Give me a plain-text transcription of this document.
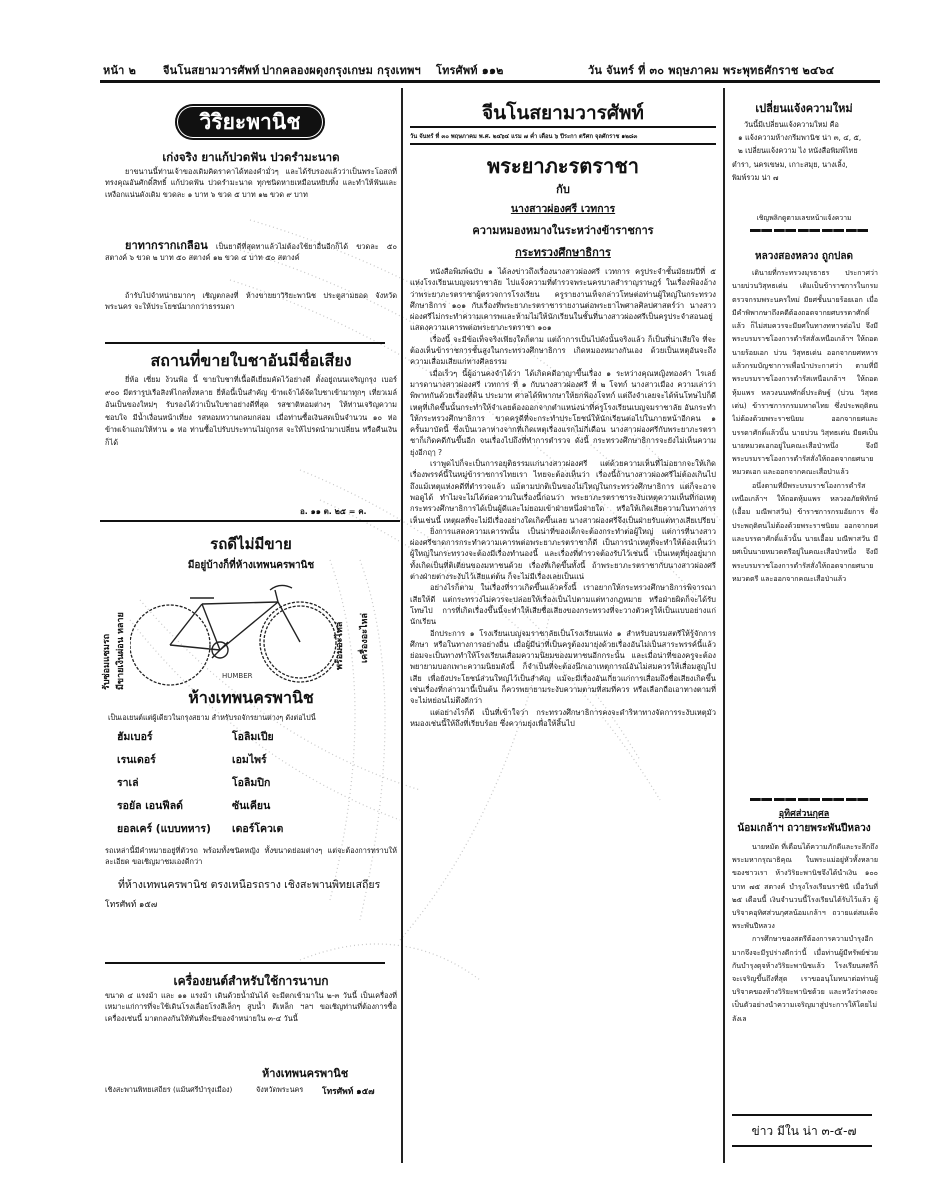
หน้า ๒ จีนโนสยามวารศัพท์ ปากคลองผดุงกรุงเกษม กรุงเทพฯ โทรศัพท์ ๑๑๒	วัน จันทร์ ที่ ๓๐ พฤษภาคม พระพุทธศักราช ๒๔๖๔
วิริยะพานิช
เก่งจริง ยาแก้ปวดฟัน ปวดรำมะนาด

ยาขนานนี้ท่านเจ้าของเดิมคิดราคาได้ทองคำมั่วๆ และได้รับรองแล้วว่าเป็นพระโอสถที่ทรงคุณอันศักดิ์สิทธิ์ แก้ปวดฟัน ปวดรำมะนาด ทุกชนิดหายเหมือนหยิบทิ้ง และทำให้ฟันและเหงือกแน่นดังเดิม ขวดละ ๑ บาท ๖ ขวด ๕ บาท ๑๒ ขวด ๙ บาท

ยาทากรากเกลื้อน เป็นยาดีที่สุดทาแล้วไม่ต้องใช้ยาอื่นอีกก็ได้ ขวดละ ๕๐ สตางค์ ๖ ขวด ๒ บาท ๕๐ สตางค์ ๑๒ ขวด ๔ บาท ๕๐ สตางค์

ถ้ารับไปจำหน่ายมากๆ เชิญตกลงที่ ห้างขายยาวิริยะพานิช ประตูสามยอด จังหวัดพระนคร จะให้ประโยชน์มากกว่าธรรมดา

สถานที่ขายใบชาอันมีชื่อเสียง

ยี่ห้อ เซี่ยม ง้วนฟ้อ นี้ ขายใบชาที่เนื้อดีเยี่ยมคัดไว้อย่างดี ตั้งอยู่ถนนเจริญกรุง เบอร์ ๙๐๐ มีตรารูปเรือสิงห์ไกลทั้งหลาย ยี่ห้อนี้เป็นสำคัญ ข้าพเจ้าได้จัดใบชาเข้ามาทุกๆ เที่ยวเมล์ อันเป็นของใหม่ๆ รับรองได้ว่าเป็นใบชาอย่างดีที่สุด รสชาติหอมต่างๆ ให้ท่านเจริญความชอบใจ มีน้ำเงื่อนหน้าเที่ยง รสหอมหวานกลมกล่อม เมื่อท่านซื้อเงินสดเป็นจำนวน ๑๐ ห่อ ข้าพเจ้าแถมให้ท่าน ๑ ห่อ ท่านซื้อไปรับประทานไม่ถูกรส จะให้ไปรดนำมาเปลี่ยน หรือคืนเงินก็ได้

อ. ๑๑ ต. ๒๕ = ค.
รถดีไม่มีขาย
มีอยู่บ้างก็ที่ห้างเทพนครพานิช
รับซ่อมแซมรถ มีขายเงินผ่อน หลาย	พร้อมอะไหล่ เครื่องอะไหล่
HUMBER
ห้างเทพนครพานิช
เป็นเอเยนต์แต่ผู้เดียวในกรุงสยาม สำหรับรถจักรยานต่างๆ ดังต่อไปนี้
ฮัมเบอร์	โอลิมเปีย
เรนเดอร์	เอมไพร์
ราเล่	โอลิมปิก
รอยัล เอนฟีลด์	ซันเคียน
ยอลเคร์ (แบบทหาร) เดอร์โควเต

รถเหล่านี้มีคำหมายอยู่ที่ตัวรถ พร้อมทั้งชนิดหญิง ทั้งขนาดย่อมต่างๆ แต่จะต้องการทราบให้ละเอียด ขอเชิญมาชมเองดีกว่า

ที่ห้างเทพนครพานิช ตรงเหนือรถราง เชิงสะพานพิทยเสถียร
โทรศัพท์ ๑๕๗
เครื่องยนต์สำหรับใช้การนาบก

ขนาด ๔ แรงม้า และ ๑๑ แรงม้า เดินด้วยน้ำมันได้ จะมีตกเข้ามาใน ๒-๓ วันนี้ เป็นเครื่องที่เหมาะแก่การที่จะใช้เดินโรงเลื่อยโรงสีเล็กๆ สูบน้ำ ตีเหล็ก ฯลฯ ขอเชิญท่านที่ต้องการซื้อเครื่องเช่นนี้ มาตกลงกันให้ทันที่จะมีของจำหน่ายใน ๓-๔ วันนี้

ห้างเทพนครพานิช
เชิงสะพานพิทยเสถียร (แม้นศรีบำรุงเมือง)	จังหวัดพระนคร โทรศัพท์ ๑๕๗
จีนโนสยามวารศัพท์
วัน จันทร์ ที่ ๓๐ พฤษภาคม พ.ศ. ๒๔๖๔ แรม ๗ ค่ำ เดือน ๖ ปีระกา ตรีศก จุลศักราช ๑๒๘๓
พระยาภะรตราชา
กับ
นางสาวผ่องศรี เวทการ
ความหมองหมางในระหว่างข้าราชการ
กระทรวงศึกษาธิการ

หนังสือพิมพ์ฉบับ ๑ ได้ลงข่าวถึงเรื่องนางสาวผ่องศรี เวทการ ครูประจำชั้นมัธยมปีที่ ๕ แห่งโรงเรียนเบญจมราชาลัย ไปแจ้งความที่ตำรวจพระนครบาลสำราญราษฎร์ ในเรื่องฟ้องอ้างว่าพระยาภะรตราชาผู้ตรวจการโรงเรียน ครูรายงานเท็จกล่าวโทษต่อท่านผู้ใหญ่ในกระทรวงศึกษาธิการ ๑๐๑ กับเรื่องที่พระยาภะรตราชารายงานต่อพระยาไพศาลศิลปศาสตร์ว่า นางสาวผ่องศรีไม่กระทำความเคารพและห้ามไม่ให้นักเรียนในชั้นที่นางสาวผ่องศรีเป็นครูประจำสอนอยู่แสดงความเคารพต่อพระยาภะรตราชา ๑๐๑

เรื่องนี้ จะมีข้อเท็จจริงเพียงใดก็ตาม แต่ถ้าการเป็นไปดังนั้นจริงแล้ว ก็เป็นที่น่าเสียใจ ที่จะต้องเห็นข้าราชการชั้นสูงในกระทรวงศึกษาธิการ เกิดหมองหมางกันเอง ด้วยเป็นเหตุอันจะถึงความเสื่อมเสียแก่ทางศีลธรรม

เมื่อเร็วๆ นี้ผู้อ่านคงจำได้ว่า ได้เกิดคดีอาญาขึ้นเรื่อง ๑ ระหว่างคุณหญิงทองคำ ไรเลย์ มารดานางสาวผ่องศรี เวทการ ที่ ๑ กับนางสาวผ่องศรี ที่ ๒ โจทก์ นางสาวเมือง ความเล่าว่าพิพาทกันด้วยเรื่องที่ดิน ประมาท ศาลได้พิพากษาให้ยกฟ้องโจทก์ แต่ถึงจำเลยจะได้พ้นโทษไปก็ดี เหตุที่เกิดขึ้นนั้นกระทำให้จำเลยต้องออกจากตำแหน่งน่าที่ครูโรงเรียนเบญจมราชาลัย อันกระทำให้กระทรวงศึกษาธิการ ขาดครูดีที่จะกระทำประโยชน์ให้นักเรียนต่อไปในภายหน้าอีกคน ๑ ครั้นมาบัดนี้ ซึ่งเป็นเวลาห่างจากที่เกิดเหตุเรื่องแรกไม่กี่เดือน นางสาวผ่องศรีกับพระยาภะรตราชาก็เกิดคดีกันขึ้นอีก จนเรื่องไปถึงที่ทำการตำรวจ ดังนี้ กระทรวงศึกษาธิการจะยังไม่เห็นความยุ่งอีกฤๅ ?

เราพูดไปก็จะเป็นการอยุติธรรมแก่นางสาวผ่องศรี แต่ด้วยความเห็นที่ไม่อยากจะให้เกิดเรื่องพรรค์นี้ในหมู่ข้าราชการไทยเรา ไทยจะต้องเห็นว่า เรื่องนี้ถ้านางสาวผ่องศรีไม่ต้องเกินไป ถึงแม้เหตุแห่งคดีที่ตำรวจแล้ว แม้ตามปกติเป็นของไม่ใหญ่ในกระทรวงศึกษาธิการ แต่ก็จะอาจพอดูได้ ทำไมจะไม่ได้ต่อความในเรื่องนี้ก่อนว่า พระยาภะรตราชาระงับเหตุความเห็นที่ก่อเหตุ กระทรวงศึกษาธิการได้เป็นผู้ดีและไม่ยอมเข้าฝ่ายหนึ่งฝ่ายใด หรือให้เกิดเสียความในทางการ เห็นเช่นนี้ เหตุผลที่จะไม่มีเรื่องอย่างใดเกิดขึ้นเลย นางสาวผ่องศรีจึงเป็นฝ่ายรับแต่ทางเสียเปรียบ

ยิ่งการแสดงความเคารพนั้น เป็นน่าที่ของเด็กจะต้องกระทำต่อผู้ใหญ่ แต่การที่นางสาวผ่องศรีขาดการกระทำความเคารพต่อพระยาภะรตราชาก็ดี เป็นการนำเหตุที่จะทำให้ต้องเห็นว่าผู้ใหญ่ในกระทรวงจะต้องมีเรื่องทำนองนี้ และเรื่องที่ตำรวจต้องรับไว้เช่นนี้ เป็นเหตุที่ยุ่งอยู่มาก ทั้งเกิดเป็นที่ติเตียนของมหาชนด้วย เรื่องที่เกิดขึ้นทั้งนี้ ถ้าพระยาภะรตราชากับนางสาวผ่องศรีต่างฝ่ายต่างระงับไว้เสียแต่ต้น ก็จะไม่มีเรื่องเลยเป็นแน่

อย่างไรก็ตาม ในเรื่องที่ราวเกิดขึ้นแล้วครั้งนี้ เราอยากให้กระทรวงศึกษาธิการพิจารณาเสียให้ดี แต่กระทรวงไม่ควรจะปล่อยให้เรื่องเป็นไปตามแต่ทางกฎหมาย หรือฝ่ายผิดก็จะได้รับโทษไป การที่เกิดเรื่องขึ้นนี้จะทำให้เสียชื่อเสียงของกระทรวงที่จะวางตัวครูให้เป็นแบบอย่างแก่นักเรียน

อีกประการ ๑ โรงเรียนเบญจมราชาลัยเป็นโรงเรียนแห่ง ๑ สำหรับอบรมสตรีให้รู้จักการศึกษา หรือในทางการอย่างอื่น เมื่อผู้มีน่าที่เป็นครูต้องมายุ่งด้วยเรื่องอันไม่เป็นสาระพรรค์นี้แล้ว ย่อมจะเป็นทางทำให้โรงเรียนเสื่อมความนิยมของมหาชนอีกกระนั้น และเมื่อน่าที่ของครูจะต้องพยายามบอกเพาะความนิยมดังนี้ ก็จำเป็นที่จะต้องนึกเอาเหตุการณ์อันไม่สมควรให้เสื่อมสูญไปเสีย เพื่อยังประโยชน์ส่วนใหญ่ไว้เป็นสำคัญ แม้จะมีเรื่องอันเกี่ยวแก่การเสื่อมถึงชื่อเสียงเกิดขึ้น เช่นเรื่องที่กล่าวมานี้เป็นต้น ก็ควรพยายามระงับความตามที่สมที่ควร หรือเลือกถือเอาทางตามที่จะไม่หย่อนไม่ตึงดีกว่า

แต่อย่างไรก็ดี เป็นที่เข้าใจว่า กระทรวงศึกษาธิการคงจะดำริหาทางจัดการระงับเหตุมัวหมองเช่นนี้ให้ถึงที่เรียบร้อย ซึ่งความยุ่งเพื่อให้สิ้นไป

เปลี่ยนแจ้งความใหม่
วันนี้มีเปลี่ยนแจ้งความใหม่ คือ
๑ แจ้งความห้างกรีมพานิช น่า ๓, ๔, ๕,
๒ เปลี่ยนแจ้งความ ไง หนังสือพิมพ์ไทย
ตำรา, นครเขษม, เกาะสมุย, นางเลิ้ง,
พิมพ์รวม น่า ๗
เชิญพลิกดูตามเลขหน้าแจ้งความ
หลวงสองหลวง ถูกปลด

เดินายที่กระทรวงมุรธาธร ประกาศว่า นายบ่วนวิสุทธเด่น เดิมเป็นข้าราชการในกรมตรวจกรมพระนครใหม่ มียศชั้นนายร้อยเอก เมื่อมีคำพิพากษาถึงคดีต้องถอดจากยศบรรดาศักดิ์แล้ว ก็ไม่สมควรจะมียศในทางทหารต่อไป จึงมีพระบรมราชโองการดำรัสสั่งเหนือเกล้าฯ ให้ถอดนายร้อยเอก บ่วน วิสุทธเด่น ออกจากยศทหาร แล้วกรมบัญชาการเพื่อนำประกาศว่า ตามที่มีพระบรมราชโองการดำรัสเหนือเกล้าฯ ให้ถอดหุ้มแพร หลวงนนทศักดิ์ประดิษฐ์ (บ่วน วิสุทธเด่น) ข้าราชการกรมมหาดไทย ซึ่งประพฤติตนไม่ต้องด้วยพระราชนิยม ออกจากยศและบรรดาศักดิ์แล้วนั้น นายบ่วน วิสุทธเด่น มียศเป็นนายหมวดเอกอยู่ในคณะเสือป่าหนึ่ง จึงมีพระบรมราชโองการดำรัสสั่งให้ถอดจากยศนายหมวดเอก และออกจากคณะเสือป่าแล้ว

อนึ่งตามที่มีพระบรมราชโองการดำรัสเหนือเกล้าฯ ให้ถอดหุ้มแพร หลวงอภัยพิทักษ์ (เอื้อม มณีพาสวัน) ข้าราชการกรมอัยการ ซึ่งประพฤติตนไม่ต้องด้วยพระราชนิยม ออกจากยศและบรรดาศักดิ์แล้วนั้น นายเอื้อม มณีพาสวัน มียศเป็นนายหมวดตรีอยู่ในคณะเสือป่าหนึ่ง จึงมีพระบรมราชโองการดำรัสสั่งให้ถอดจากยศนายหมวดตรี และออกจากคณะเสือป่าแล้ว

อุทิศส่วนกุศล
น้อมเกล้าฯ ถวายพระพันปีหลวง

นายหมัด ที่เดือนได้ความภักดีและระลึกถึงพระมหากรุณาธิคุณ ในพระแม่อยู่หัวทั้งหลายของชาวเรา ห้างวิริยะพานิชจึงได้นำเงิน ๑๐๐ บาท ๗๕ สตางค์ บำรุงโรงเรียนราชินี เมื่อวันที่ ๒๕ เดือนนี้ เงินจำนวนนี้โรงเรียนได้รับไว้แล้ว ผู้บริจาคอุทิศส่วนกุศลน้อมเกล้าฯ ถวายแด่สมเด็จพระพันปีหลวง

การศึกษาของสตรีต้องการความบำรุงอีกมากจึงจะมีรูปร่างดีกว่านี้ เมื่อท่านผู้มีทรัพย์ช่วยกันบำรุงดุจห้างวิริยะพานิชแล้ว โรงเรียนสตรีก็จะเจริญขึ้นถึงที่สุด เราขออนุโมทนาต่อท่านผู้บริจาคของห้างวิริยะพานิชด้วย และหวังว่าคงจะเป็นตัวอย่างนำความเจริญมาสู่ประการให้โดยไม่ลังเล

ข่าว มีใน น่า ๓-๕-๗
